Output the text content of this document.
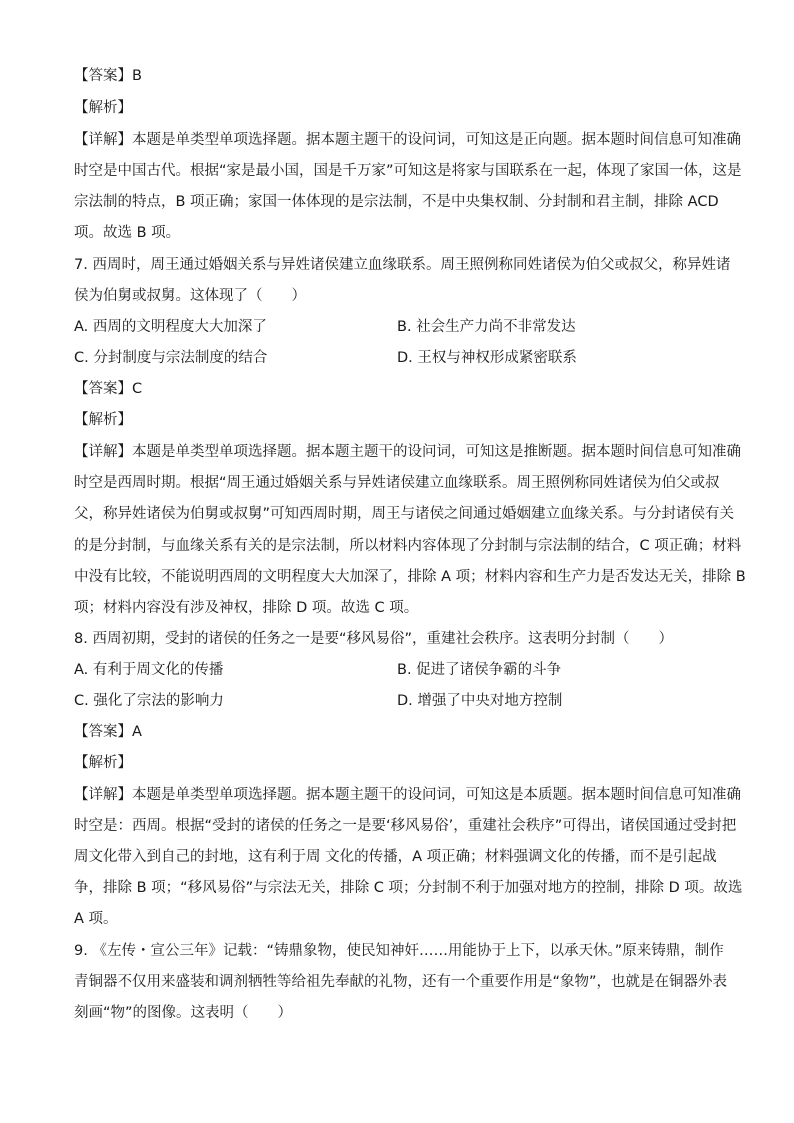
【答案】B
【解析】
【详解】本题是单类型单项选择题。据本题主题干的设问词，可知这是正向题。据本题时间信息可知准确
时空是中国古代。根据“家是最小国，国是千万家”可知这是将家与国联系在一起，体现了家国一体，这是
宗法制的特点，B 项正确；家国一体体现的是宗法制，不是中央集权制、分封制和君主制，排除 ACD
项。故选 B 项。
7. 西周时，周王通过婚姻关系与异姓诸侯建立血缘联系。周王照例称同姓诸侯为伯父或叔父，称异姓诸
侯为伯舅或叔舅。这体现了（　　）
A. 西周的文明程度大大加深了	B. 社会生产力尚不非常发达
C. 分封制度与宗法制度的结合	D. 王权与神权形成紧密联系
【答案】C
【解析】
【详解】本题是单类型单项选择题。据本题主题干的设问词，可知这是推断题。据本题时间信息可知准确
时空是西周时期。根据“周王通过婚姻关系与异姓诸侯建立血缘联系。周王照例称同姓诸侯为伯父或叔
父，称异姓诸侯为伯舅或叔舅”可知西周时期，周王与诸侯之间通过婚姻建立血缘关系。与分封诸侯有关
的是分封制，与血缘关系有关的是宗法制，所以材料内容体现了分封制与宗法制的结合，C 项正确；材料
中没有比较，不能说明西周的文明程度大大加深了，排除 A 项；材料内容和生产力是否发达无关，排除 B
项；材料内容没有涉及神权，排除 D 项。故选 C 项。
8. 西周初期，受封的诸侯的任务之一是要“移风易俗”，重建社会秩序。这表明分封制（　　）
A. 有利于周文化的传播	B. 促进了诸侯争霸的斗争
C. 强化了宗法的影响力	D. 增强了中央对地方控制
【答案】A
【解析】
【详解】本题是单类型单项选择题。据本题主题干的设问词，可知这是本质题。据本题时间信息可知准确
时空是：西周。根据“受封的诸侯的任务之一是要‘移风易俗’，重建社会秩序”可得出，诸侯国通过受封把
周文化带入到自己的封地，这有利于周 文化的传播，A 项正确；材料强调文化的传播，而不是引起战
争，排除 B 项；“移风易俗”与宗法无关，排除 C 项；分封制不利于加强对地方的控制，排除 D 项。故选
A 项。
9. 《左传・宣公三年》记载：“铸鼎象物，使民知神奸……用能协于上下，以承天休。”原来铸鼎，制作
青铜器不仅用来盛装和调剂牺牲等给祖先奉献的礼物，还有一个重要作用是“象物”，也就是在铜器外表
刻画“物”的图像。这表明（　　）
